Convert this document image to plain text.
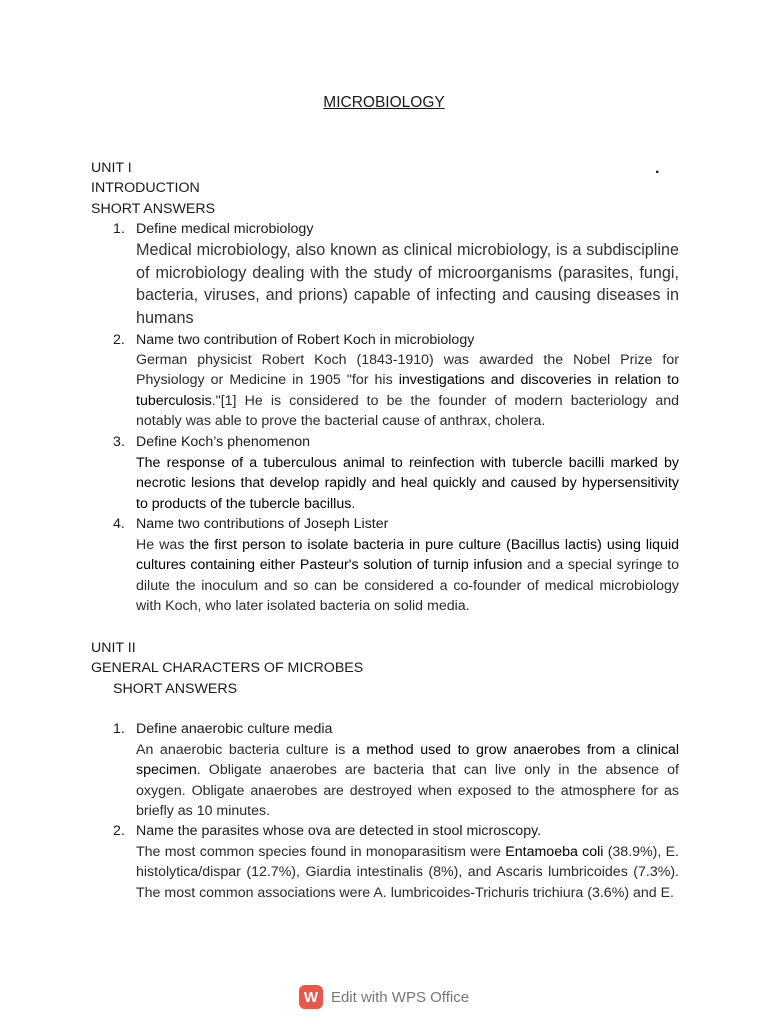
MICROBIOLOGY
.
UNIT I
INTRODUCTION
SHORT ANSWERS
1. Define medical microbiology
Medical microbiology, also known as clinical microbiology, is a subdiscipline of microbiology dealing with the study of microorganisms (parasites, fungi, bacteria, viruses, and prions) capable of infecting and causing diseases in humans
2. Name two contribution of Robert Koch in microbiology
German physicist Robert Koch (1843-1910) was awarded the Nobel Prize for Physiology or Medicine in 1905 "for his investigations and discoveries in relation to tuberculosis."[1] He is considered to be the founder of modern bacteriology and notably was able to prove the bacterial cause of anthrax, cholera.
3. Define Koch’s phenomenon
The response of a tuberculous animal to reinfection with tubercle bacilli marked by necrotic lesions that develop rapidly and heal quickly and caused by hypersensitivity to products of the tubercle bacillus.
4. Name two contributions of Joseph Lister
He was the first person to isolate bacteria in pure culture (Bacillus lactis) using liquid cultures containing either Pasteur's solution of turnip infusion and a special syringe to dilute the inoculum and so can be considered a co-founder of medical microbiology with Koch, who later isolated bacteria on solid media.
UNIT II
GENERAL CHARACTERS OF MICROBES
SHORT ANSWERS
1. Define anaerobic culture media
An anaerobic bacteria culture is a method used to grow anaerobes from a clinical specimen. Obligate anaerobes are bacteria that can live only in the absence of oxygen. Obligate anaerobes are destroyed when exposed to the atmosphere for as briefly as 10 minutes.
2. Name the parasites whose ova are detected in stool microscopy.
The most common species found in monoparasitism were Entamoeba coli (38.9%), E. histolytica/dispar (12.7%), Giardia intestinalis (8%), and Ascaris lumbricoides (7.3%). The most common associations were A. lumbricoides-Trichuris trichiura (3.6%) and E.
W Edit with WPS Office
